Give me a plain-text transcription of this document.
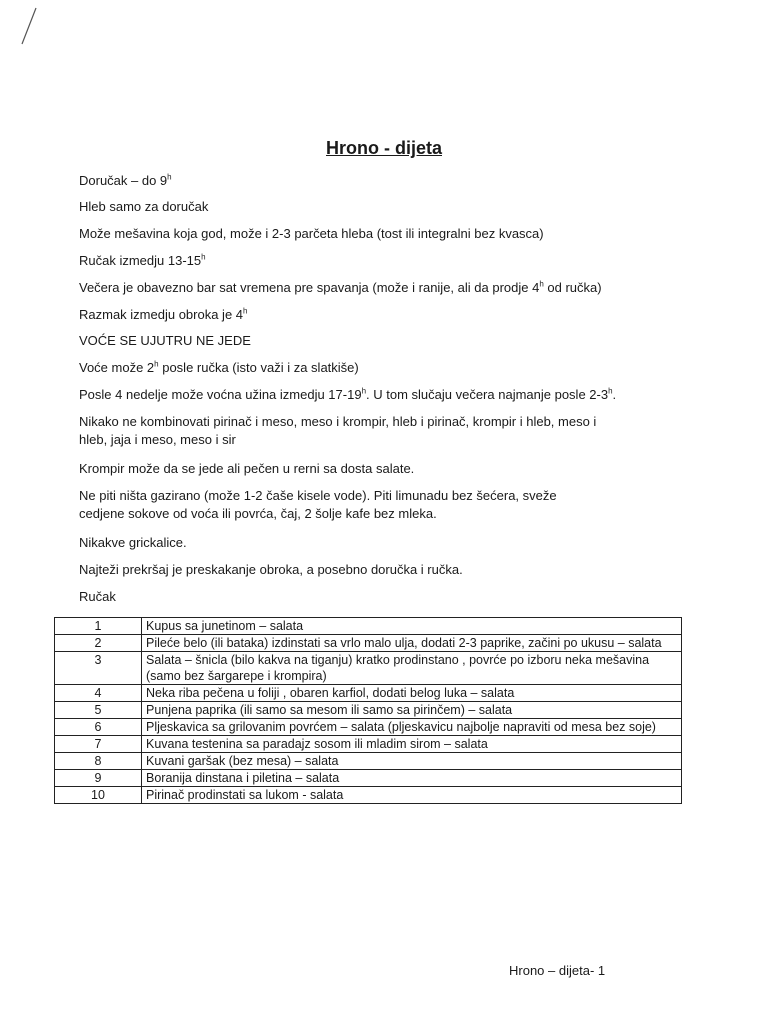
Hrono - dijeta
Doručak – do 9$^h$
Hleb samo za doručak
Može mešavina koja god, može i 2-3 parčeta hleba (tost ili integralni bez kvasca)
Ručak izmedju 13-15$^h$
Večera je obavezno bar sat vremena pre spavanja (može i ranije, ali da prodje 4$^h$ od ručka)
Razmak izmedju obroka je 4$^h$
VOĆE SE UJUTRU NE JEDE
Voće može 2$^h$ posle ručka (isto važi i za slatkiše)
Posle 4 nedelje može voćna užina izmedju 17-19$^h$. U tom slučaju večera najmanje posle 2-3$^h$.
Nikako ne kombinovati pirinač i meso, meso i krompir, hleb i pirinač, krompir i hleb, meso i hleb, jaja i meso, meso i sir
Krompir može da se jede ali pečen u rerni sa dosta salate.
Ne piti ništa gazirano (može 1-2 čaše kisele vode). Piti limunadu bez šećera, sveže cedjene sokove od voća ili povrća, čaj, 2 šolje kafe bez mleka.
Nikakve grickalice.
Najteži prekršaj je preskakanje obroka, a posebno doručka i ručka.
Ručak
1	Kupus sa junetinom – salata
2	Pileće belo (ili bataka) izdinstati sa vrlo malo ulja, dodati 2-3 paprike, začini po ukusu – salata
3	Salata – šnicla (bilo kakva na tiganju) kratko prodinstano , povrće po izboru neka mešavina (samo bez šargarepe i krompira)
4	Neka riba pečena u foliji , obaren karfiol, dodati belog luka – salata
5	Punjena paprika (ili samo sa mesom ili samo sa pirinčem) – salata
6	Pljeskavica sa grilovanim povrćem – salata (pljeskavicu najbolje napraviti od mesa bez soje)
7	Kuvana testenina sa paradajz sosom ili mladim sirom – salata
8	Kuvani garšak (bez mesa) – salata
9	Boranija dinstana i piletina – salata
10	Pirinač prodinstati sa lukom - salata
Hrono – dijeta- 1
